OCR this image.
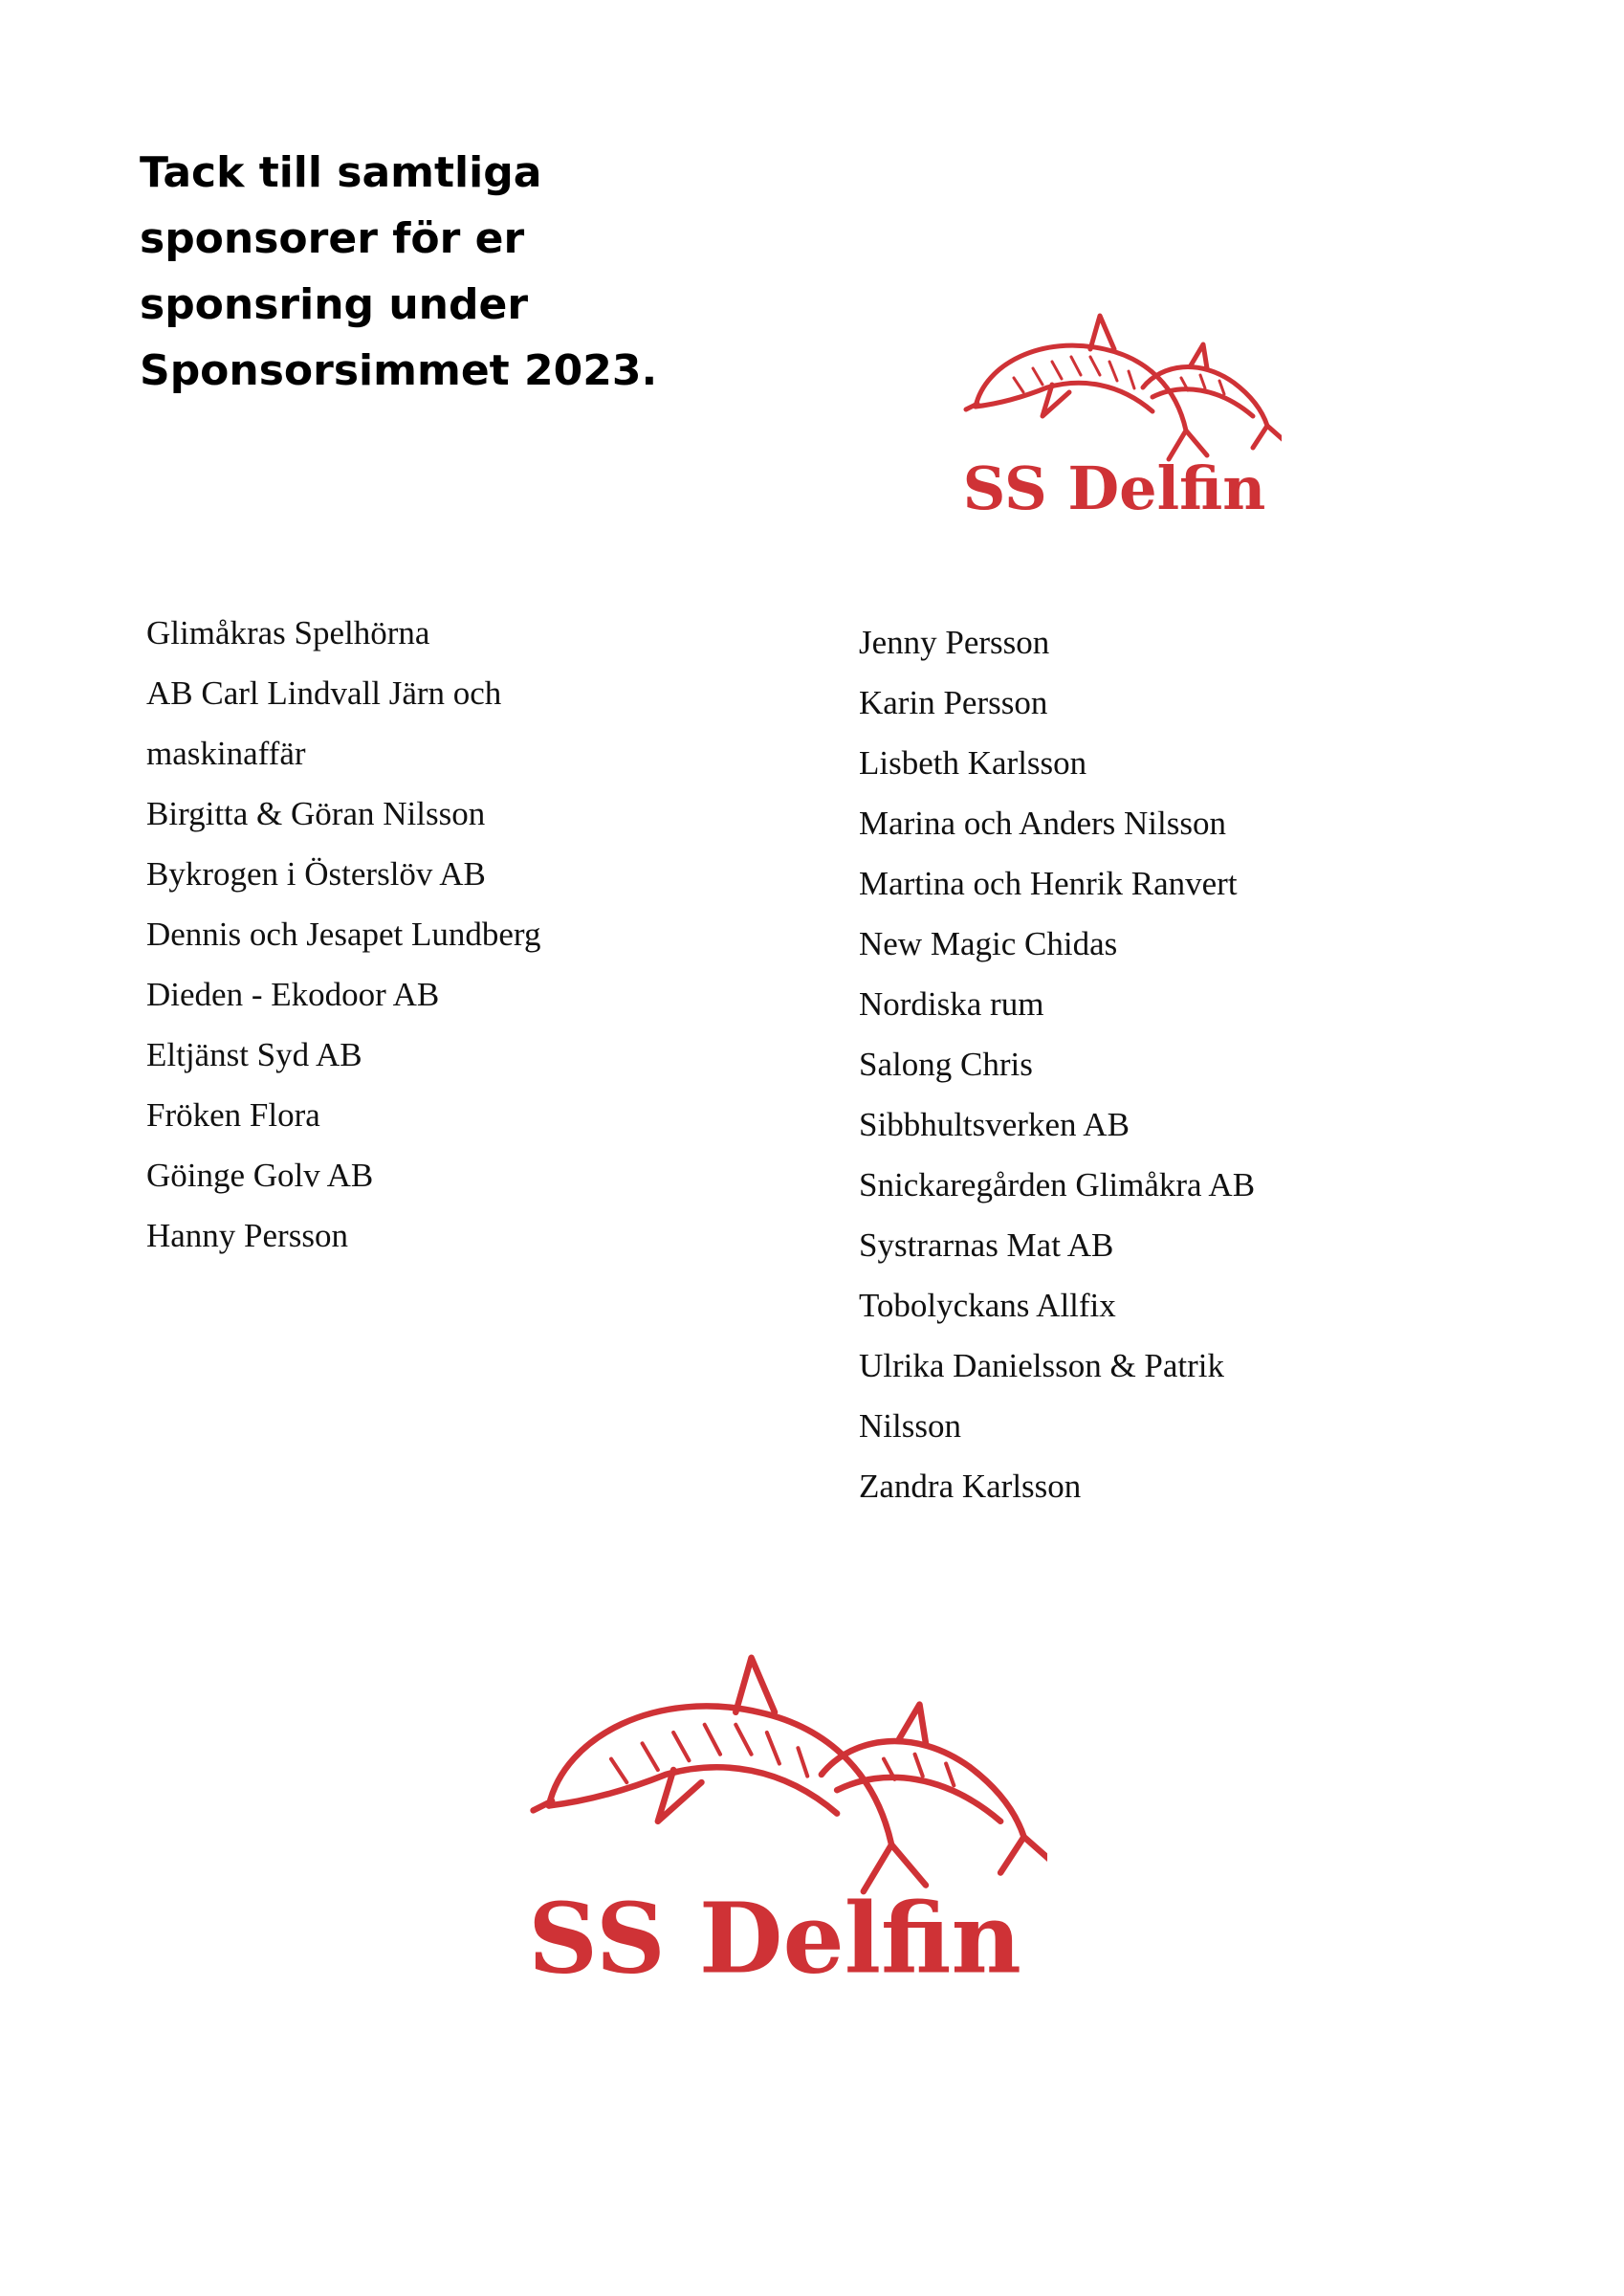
Tack till samtliga
sponsorer för er
sponsring under
Sponsorsimmet 2023.
SS Delfin
Glimåkras Spelhörna
AB Carl Lindvall Järn och
maskinaffär
Birgitta & Göran Nilsson
Bykrogen i Österslöv AB
Dennis och Jesapet Lundberg
Dieden - Ekodoor AB
Eltjänst Syd AB
Fröken Flora
Göinge Golv AB
Hanny Persson
Jenny Persson
Karin Persson
Lisbeth Karlsson
Marina och Anders Nilsson
Martina och Henrik Ranvert
New Magic Chidas
Nordiska rum
Salong Chris
Sibbhultsverken AB
Snickaregården Glimåkra AB
Systrarnas Mat AB
Tobolyckans Allfix
Ulrika Danielsson & Patrik
Nilsson
Zandra Karlsson
SS Delfin
